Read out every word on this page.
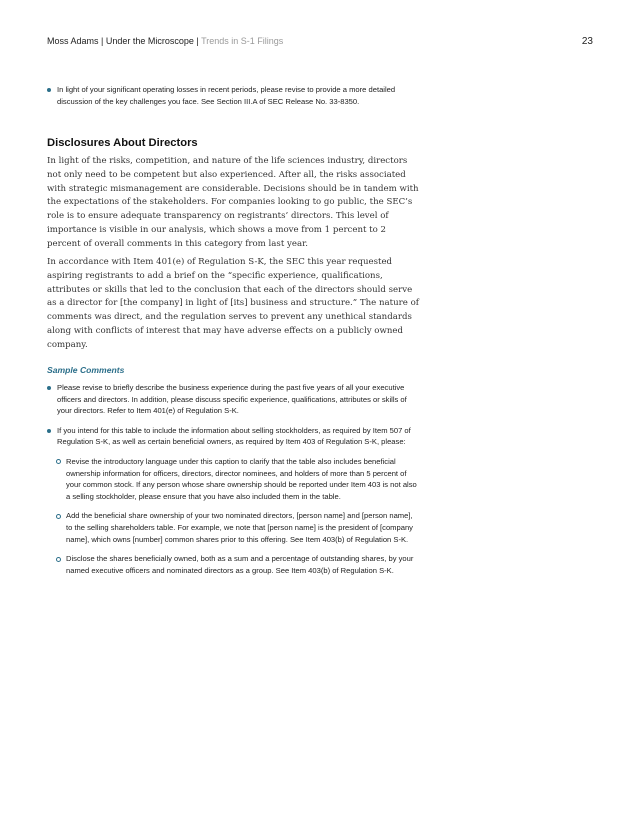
Moss Adams | Under the Microscope | Trends in S-1 Filings	23
In light of your significant operating losses in recent periods, please revise to provide a more detailed discussion of the key challenges you face. See Section III.A of SEC Release No. 33-8350.
Disclosures About Directors

In light of the risks, competition, and nature of the life sciences industry, directors not only need to be competent but also experienced. After all, the risks associated with strategic mismanagement are considerable. Decisions should be in tandem with the expectations of the stakeholders. For companies looking to go public, the SEC’s role is to ensure adequate transparency on registrants’ directors. This level of importance is visible in our analysis, which shows a move from 1 percent to 2 percent of overall comments in this category from last year.

In accordance with Item 401(e) of Regulation S-K, the SEC this year requested aspiring registrants to add a brief on the “specific experience, qualifications, attributes or skills that led to the conclusion that each of the directors should serve as a director for [the company] in light of [its] business and structure.” The nature of comments was direct, and the regulation serves to prevent any unethical standards along with conflicts of interest that may have adverse effects on a publicly owned company.

Sample Comments
Please revise to briefly describe the business experience during the past five years of all your executive officers and directors. In addition, please discuss specific experience, qualifications, attributes or skills of your directors. Refer to Item 401(e) of Regulation S-K.
If you intend for this table to include the information about selling stockholders, as required by Item 507 of Regulation S-K, as well as certain beneficial owners, as required by Item 403 of Regulation S-K, please:
Revise the introductory language under this caption to clarify that the table also includes beneficial ownership information for officers, directors, director nominees, and holders of more than 5 percent of your common stock. If any person whose share ownership should be reported under Item 403 is not also a selling stockholder, please ensure that you have also included them in the table.
Add the beneficial share ownership of your two nominated directors, [person name] and [person name], to the selling shareholders table. For example, we note that [person name] is the president of [company name], which owns [number] common shares prior to this offering. See Item 403(b) of Regulation S-K.
Disclose the shares beneficially owned, both as a sum and a percentage of outstanding shares, by your named executive officers and nominated directors as a group. See Item 403(b) of Regulation S-K.
